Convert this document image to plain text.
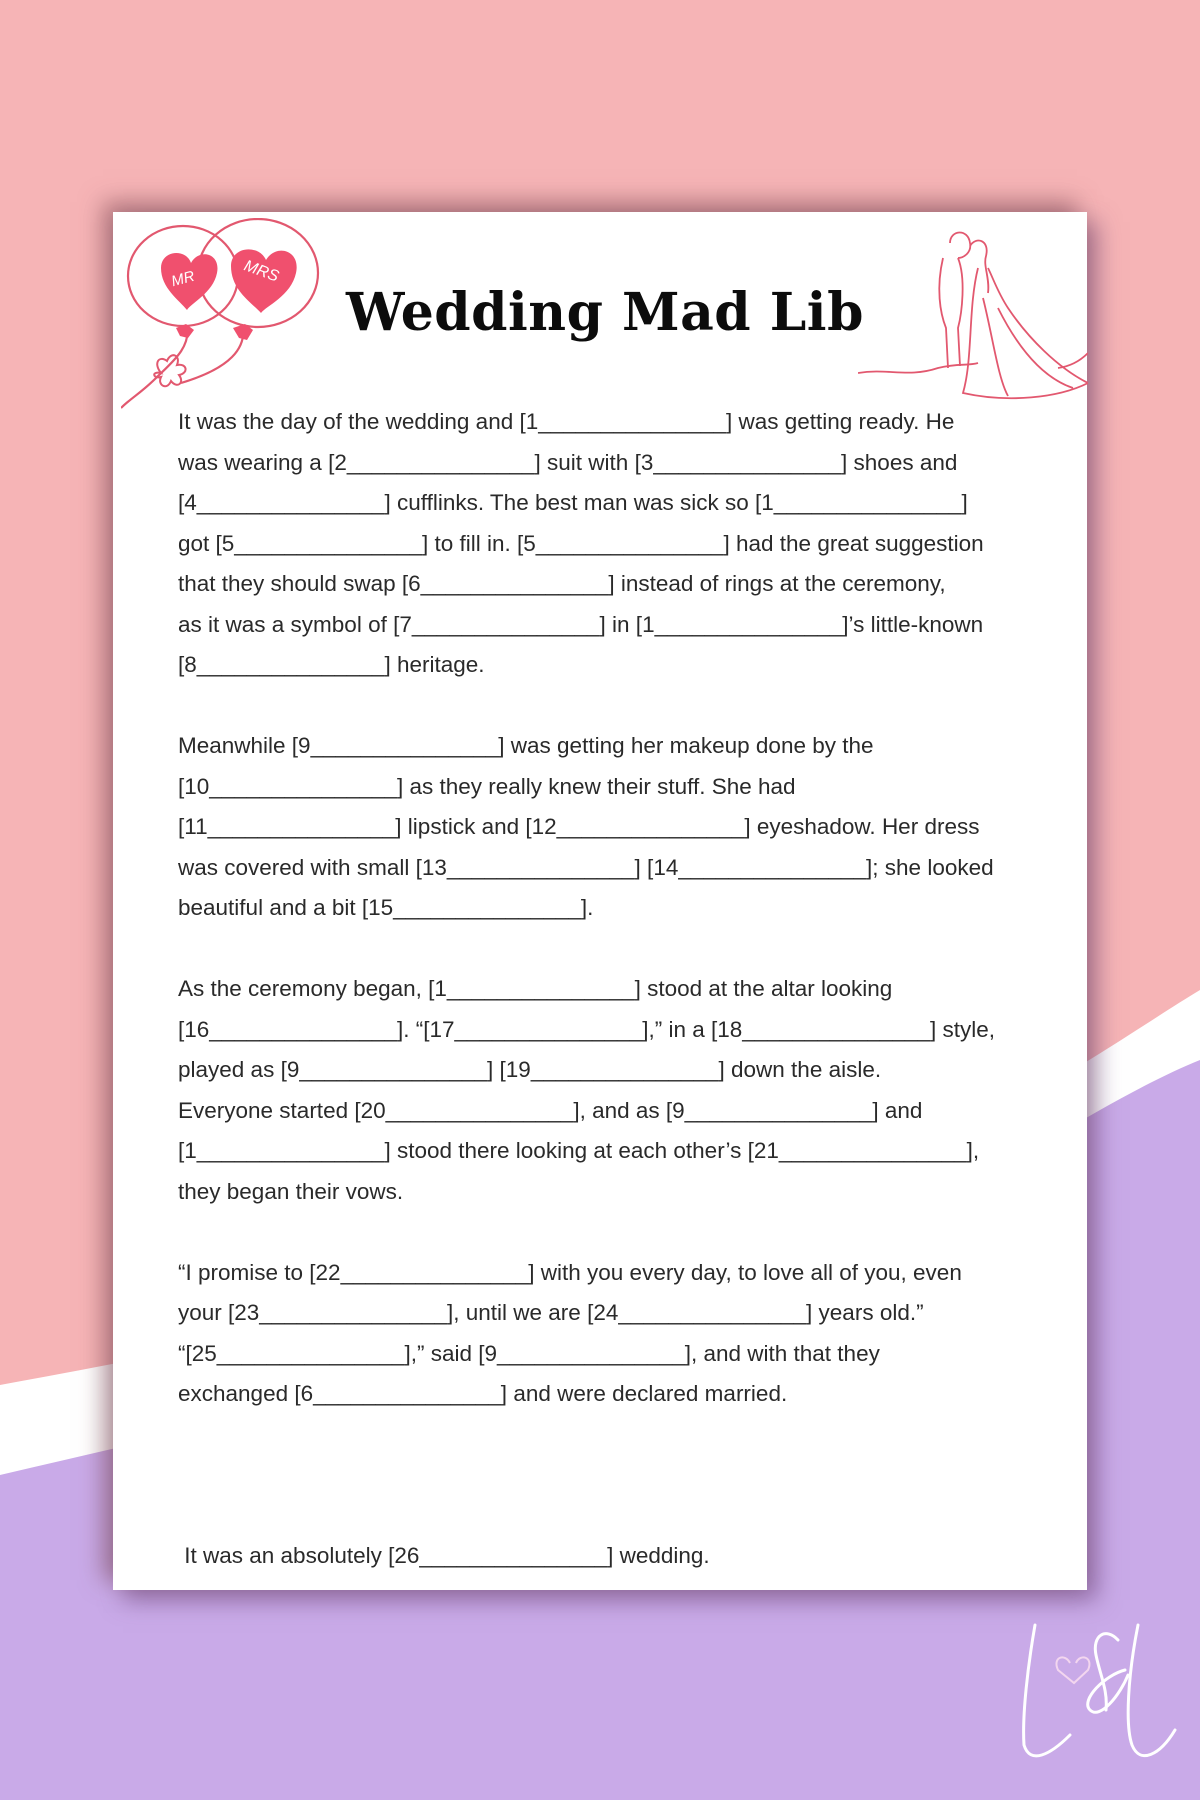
MR	MRS
Wedding Mad Lib
It was the day of the wedding and [1_______________] was getting ready. He
was wearing a [2_______________] suit with [3_______________] shoes and
[4_______________] cufflinks. The best man was sick so [1_______________]
got [5_______________] to fill in. [5_______________] had the great suggestion
that they should swap [6_______________] instead of rings at the ceremony,
as it was a symbol of [7_______________] in [1_______________]’s little-known
[8_______________] heritage.
Meanwhile [9_______________] was getting her makeup done by the
[10_______________] as they really knew their stuff. She had
[11_______________] lipstick and [12_______________] eyeshadow. Her dress
was covered with small [13_______________] [14_______________]; she looked
beautiful and a bit [15_______________].
As the ceremony began, [1_______________] stood at the altar looking
[16_______________]. “[17_______________],” in a [18_______________] style,
played as [9_______________] [19_______________] down the aisle.
Everyone started [20_______________], and as [9_______________] and
[1_______________] stood there looking at each other’s [21_______________],
they began their vows.
“I promise to [22_______________] with you every day, to love all of you, even
your [23_______________], until we are [24_______________] years old.”
“[25_______________],” said [9_______________], and with that they
exchanged [6_______________] and were declared married.

It was an absolutely [26_______________] wedding.
